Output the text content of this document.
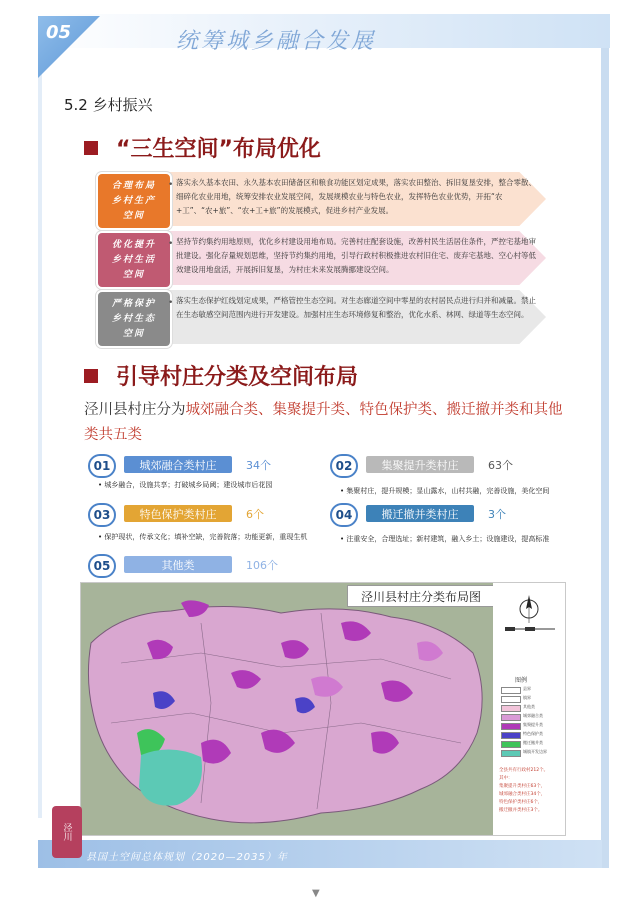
05	统筹城乡融合发展
5.2 乡村振兴
“三生空间”布局优化
合理布局乡村生产空间
• 落实永久基本农田、永久基本农田储备区和粮食功能区划定成果，落实农田整治、拆旧复垦安排，整合零散、细碎化农业用地，统筹安排农业发展空间，发展规模农业与特色农业，发挥特色农业优势，开拓“农+工”、“农+旅”、“农+工+旅”的发展模式，促进乡村产业发展。
优化提升乡村生活空间
• 坚持节约集约用地原则，优化乡村建设用地布局。完善村庄配套设施，改善村民生活居住条件，严控宅基地审批建设。强化存量规划思维，坚持节约集约用地，引导行政村积极推进农村旧住宅、废弃宅基地、空心村等低效建设用地盘活，开展拆旧复垦，为村庄未来发展腾挪建设空间。
严格保护乡村生态空间
• 落实生态保护红线划定成果，严格管控生态空间。对生态廊道空间中零星的农村居民点进行归并和减量。禁止在生态敏感空间范围内进行开发建设。加强村庄生态环境修复和整治，优化水系、林网、绿道等生态空间。
引导村庄分类及空间布局
泾川县村庄分为城郊融合类、集聚提升类、特色保护类、搬迁撤并类和其他类共五类
01	城郊融合类村庄	34个
• 城乡融合，设施共享；打破城乡局阈；建设城市后花园
02	集聚提升类村庄	63个
• 集聚村庄，提升规模；显山露水，山村共融，完善设施，美化空间
03	特色保护类村庄	6个
• 保护现状，传承文化；填补空缺，完善院落；功能更新，重现生机
04	搬迁撤并类村庄	3个
• 注重安全，合理选址；新村建筑，融入乡土；设施建设，提高标准
05	其他类	106个
泾川县村庄分类布局图
图例
县界
镇界
其他类
城郊融合类
集聚提升类
特色保护类
搬迁撤并类
城镇开发边界
全县共有行政村212个。
其中：
集聚提升类村庄63个，
城郊融合类村庄34个，
特色保护类村庄6个，
搬迁撤并类村庄3个。
泾川
县国土空间总体规划（2020—2035）年
▼
